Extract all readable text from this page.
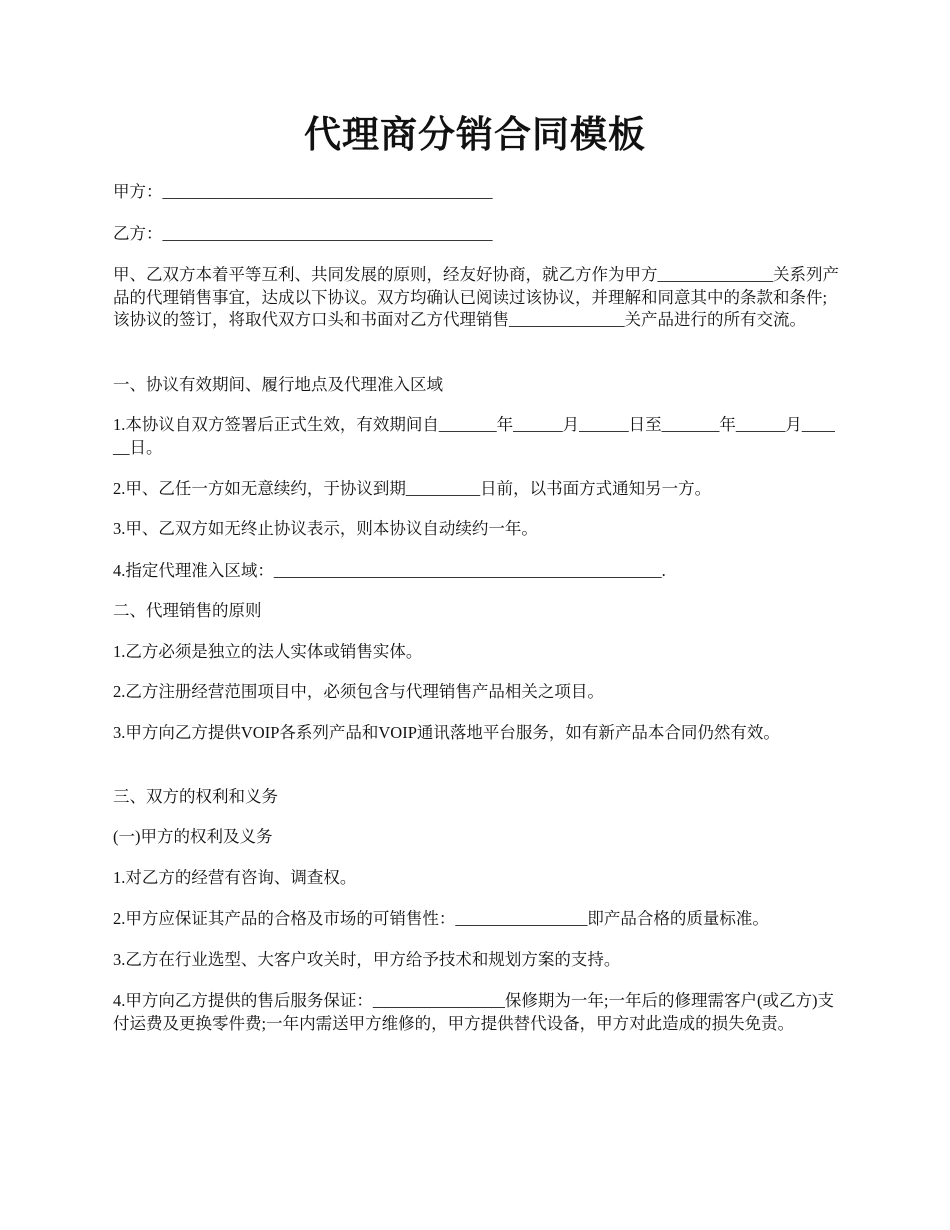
代理商分销合同模板
甲方：________________________________________
乙方：________________________________________
甲、乙双方本着平等互利、共同发展的原则，经友好协商，就乙方作为甲方______________关系列产品的代理销售事宜，达成以下协议。双方均确认已阅读过该协议，并理解和同意其中的条款和条件;该协议的签订，将取代双方口头和书面对乙方代理销售______________关产品进行的所有交流。
一、协议有效期间、履行地点及代理准入区域
1.本协议自双方签署后正式生效，有效期间自_______年______月______日至_______年______月______日。
2.甲、乙任一方如无意续约，于协议到期_________日前，以书面方式通知另一方。
3.甲、乙双方如无终止协议表示，则本协议自动续约一年。
4.指定代理准入区域：_______________________________________________.
二、代理销售的原则
1.乙方必须是独立的法人实体或销售实体。
2.乙方注册经营范围项目中，必须包含与代理销售产品相关之项目。
3.甲方向乙方提供VOIP各系列产品和VOIP通讯落地平台服务，如有新产品本合同仍然有效。
三、双方的权利和义务
(一)甲方的权利及义务
1.对乙方的经营有咨询、调查权。
2.甲方应保证其产品的合格及市场的可销售性：________________即产品合格的质量标准。
3.乙方在行业选型、大客户攻关时，甲方给予技术和规划方案的支持。
4.甲方向乙方提供的售后服务保证：________________保修期为一年;一年后的修理需客户(或乙方)支付运费及更换零件费;一年内需送甲方维修的，甲方提供替代设备，甲方对此造成的损失免责。
